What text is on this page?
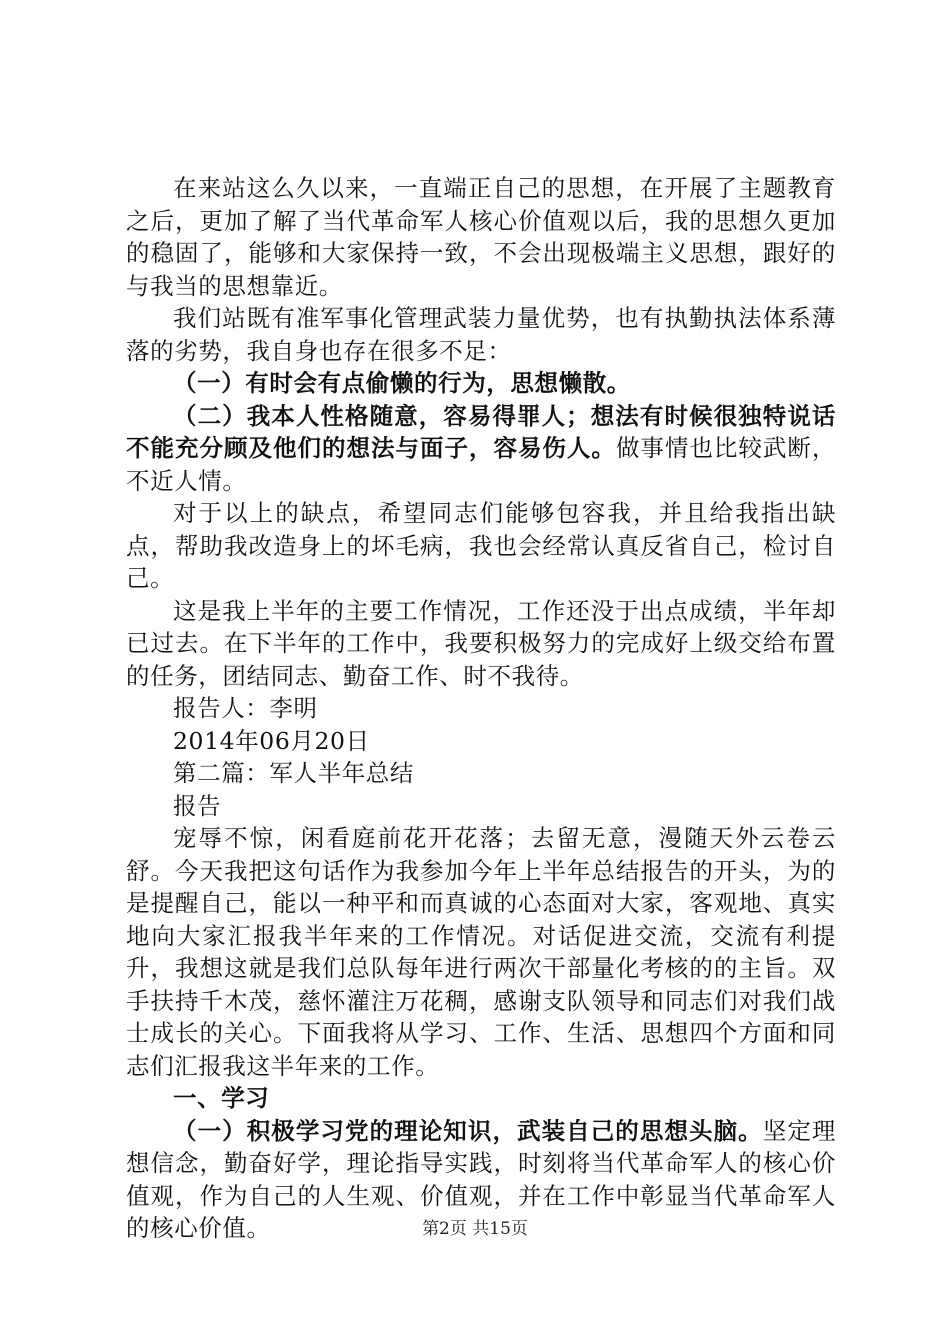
在来站这么久以来，一直端正自己的思想，在开展了主题教育之后，更加了解了当代革命军人核心价值观以后，我的思想久更加的稳固了，能够和大家保持一致，不会出现极端主义思想，跟好的与我当的思想靠近。

我们站既有准军事化管理武装力量优势，也有执勤执法体系薄落的劣势，我自身也存在很多不足：

（一）有时会有点偷懒的行为，思想懒散。

（二）我本人性格随意，容易得罪人；想法有时候很独特说话不能充分顾及他们的想法与面子，容易伤人。做事情也比较武断，不近人情。

对于以上的缺点，希望同志们能够包容我，并且给我指出缺点，帮助我改造身上的坏毛病，我也会经常认真反省自己，检讨自己。

这是我上半年的主要工作情况，工作还没于出点成绩，半年却已过去。在下半年的工作中，我要积极努力的完成好上级交给布置的任务，团结同志、勤奋工作、时不我待。

报告人：李明

2014年06月20日

第二篇：军人半年总结

报告

宠辱不惊，闲看庭前花开花落；去留无意，漫随天外云卷云舒。今天我把这句话作为我参加今年上半年总结报告的开头，为的是提醒自己，能以一种平和而真诚的心态面对大家，客观地、真实地向大家汇报我半年来的工作情况。对话促进交流，交流有利提升，我想这就是我们总队每年进行两次干部量化考核的的主旨。双手扶持千木茂，慈怀灌注万花稠，感谢支队领导和同志们对我们战士成长的关心。下面我将从学习、工作、生活、思想四个方面和同志们汇报我这半年来的工作。

一、学习

（一）积极学习党的理论知识，武装自己的思想头脑。坚定理想信念，勤奋好学，理论指导实践，时刻将当代革命军人的核心价值观，作为自己的人生观、价值观，并在工作中彰显当代革命军人的核心价值。	第2页 共15页
